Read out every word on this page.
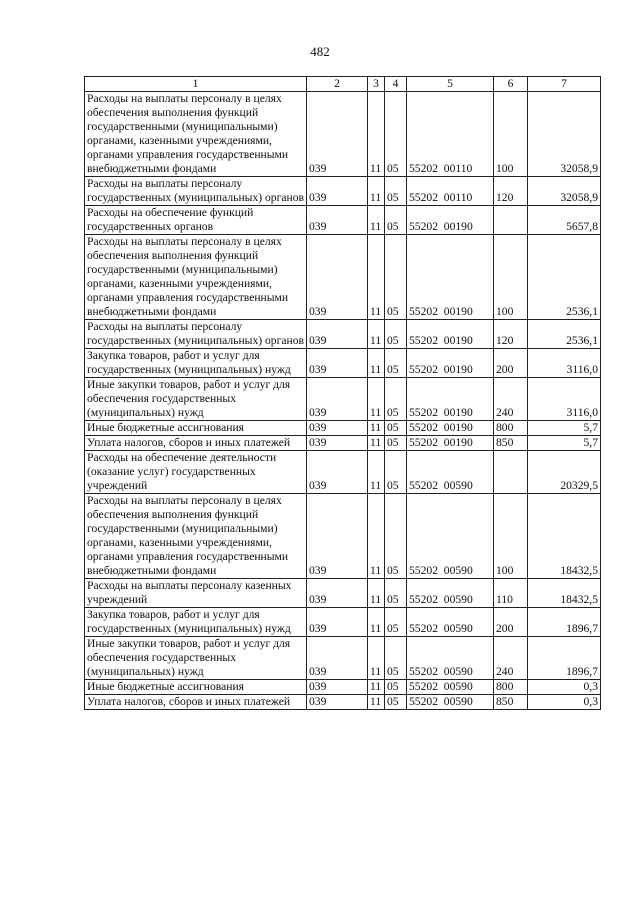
482
1	2	3	4	5	6	7
Расходы на выплаты персоналу в целях обеспечения выполнения функций государственными (муниципальными) органами, казенными учреждениями, органами управления государственными внебюджетными фондами	039	11	05	55202  00110	100	32058,9
Расходы на выплаты персоналу государственных (муниципальных) органов	039	11	05	55202  00110	120	32058,9
Расходы на обеспечение функций государственных органов	039	11	05	55202  00190		5657,8
Расходы на выплаты персоналу в целях обеспечения выполнения функций государственными (муниципальными) органами, казенными учреждениями, органами управления государственными внебюджетными фондами	039	11	05	55202  00190	100	2536,1
Расходы на выплаты персоналу государственных (муниципальных) органов	039	11	05	55202  00190	120	2536,1
Закупка товаров, работ и услуг для государственных (муниципальных) нужд	039	11	05	55202  00190	200	3116,0
Иные закупки товаров, работ и услуг для обеспечения государственных (муниципальных) нужд	039	11	05	55202  00190	240	3116,0
Иные бюджетные ассигнования	039	11	05	55202  00190	800	5,7
Уплата налогов, сборов и иных платежей	039	11	05	55202  00190	850	5,7
Расходы на обеспечение деятельности (оказание услуг) государственных учреждений	039	11	05	55202  00590		20329,5
Расходы на выплаты персоналу в целях обеспечения выполнения функций государственными (муниципальными) органами, казенными учреждениями, органами управления государственными внебюджетными фондами	039	11	05	55202  00590	100	18432,5
Расходы на выплаты персоналу казенных учреждений	039	11	05	55202  00590	110	18432,5
Закупка товаров, работ и услуг для государственных (муниципальных) нужд	039	11	05	55202  00590	200	1896,7
Иные закупки товаров, работ и услуг для обеспечения государственных (муниципальных) нужд	039	11	05	55202  00590	240	1896,7
Иные бюджетные ассигнования	039	11	05	55202  00590	800	0,3
Уплата налогов, сборов и иных платежей	039	11	05	55202  00590	850	0,3
